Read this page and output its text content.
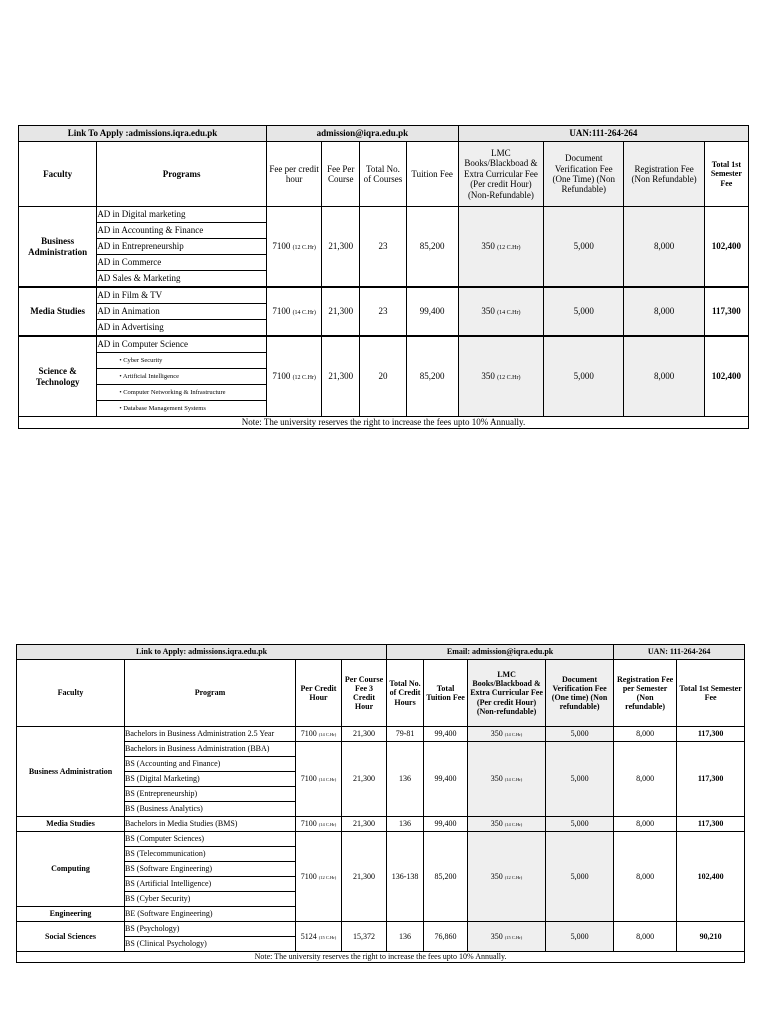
Link To Apply :admissions.iqra.edu.pk		admission@iqra.edu.pk				UAN:111-264-264			
Faculty	Programs	Fee per credit hour	Fee Per Course	Total No. of Courses	Tuition Fee	LMC Books/Blackboad & Extra Curricular Fee (Per credit Hour) (Non-Refundable)	Document Verification Fee (One Time) (Non Refundable)	Registration Fee (Non Refundable)	Total 1st Semester Fee
Business Administration	AD in Digital marketing	7100 (12 C.Hr)	21,300	23	85,200	350 (12 C.Hr)	5,000	8,000	102,400
	AD in Accounting & Finance								
	AD in Entrepreneurship								
	AD in Commerce								
	AD Sales & Marketing								
Media Studies	AD in Film & TV	7100 (14 C.Hr)	21,300	23	99,400	350 (14 C.Hr)	5,000	8,000	117,300
	AD in Animation								
	AD in Advertising								
Science & Technology	AD in Computer Science	7100 (12 C.Hr)	21,300	20	85,200	350 (12 C.Hr)	5,000	8,000	102,400
	• Cyber Security								
	• Artificial Intelligence								
	• Computer Networking & Infrastructure								
	• Database Management Systems								
Note: The university reserves the right to increase the fees upto 10% Annually.									
Link to Apply: admissions.iqra.edu.pk				Email: admission@iqra.edu.pk				UAN: 111-264-264	
Faculty	Program	Per Credit Hour	Per Course Fee 3 Credit Hour	Total No. of Credit Hours	Total Tuition Fee	LMC Books/Blackboad & Extra Curricular Fee (Per credit Hour) (Non-refundable)	Document Verification Fee (One time) (Non refundable)	Registration Fee per Semester (Non refundable)	Total 1st Semester Fee
Business Administration	Bachelors in Business Administration 2.5 Year	7100 (14 C.Hr)	21,300	79-81	99,400	350 (14 C.Hr)	5,000	8,000	117,300
	Bachelors in Business Administration (BBA)	7100 (14 C.Hr)	21,300	136	99,400	350 (14 C.Hr)	5,000	8,000	117,300
	BS (Accounting and Finance)								
	BS (Digital Marketing)								
	BS (Entrepreneurship)								
	BS (Business Analytics)								
Media Studies	Bachelors in Media Studies (BMS)	7100 (14 C.Hr)	21,300	136	99,400	350 (14 C.Hr)	5,000	8,000	117,300
Computing	BS (Computer Sciences)	7100 (12 C.Hr)	21,300	136-138	85,200	350 (12 C.Hr)	5,000	8,000	102,400
	BS (Telecommunication)								
	BS (Software Engineering)								
	BS (Artificial Intelligence)								
	BS (Cyber Security)								
Engineering	BE (Software Engineering)								
Social Sciences	BS (Psychology)	5124 (15 C.Hr)	15,372	136	76,860	350 (15 C.Hr)	5,000	8,000	90,210
	BS (Clinical Psychology)								
Note: The university reserves the right to increase the fees upto 10% Annually.									
